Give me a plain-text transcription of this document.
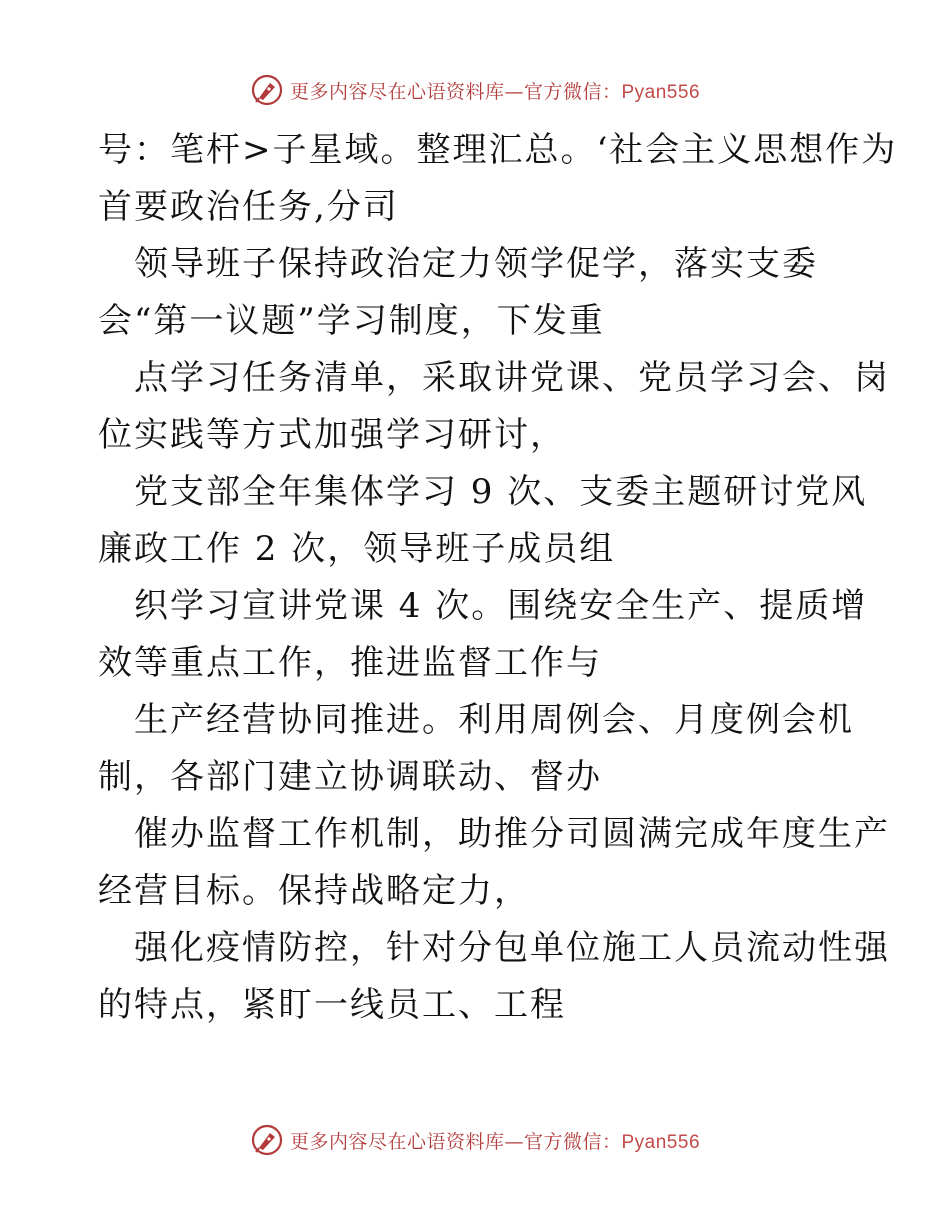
更多内容尽在心语资料库—官方微信：Pyan556
号：笔杆>子星域。整理汇总。‘社会主义思想作为
首要政治任务,分司
领导班子保持政治定力领学促学，落实支委
会“第一议题”学习制度，下发重
点学习任务清单，采取讲党课、党员学习会、岗
位实践等方式加强学习研讨，
党支部全年集体学习 9 次、支委主题研讨党风
廉政工作 2 次，领导班子成员组
织学习宣讲党课 4 次。围绕安全生产、提质增
效等重点工作，推进监督工作与
生产经营协同推进。利用周例会、月度例会机
制，各部门建立协调联动、督办
催办监督工作机制，助推分司圆满完成年度生产
经营目标。保持战略定力，
强化疫情防控，针对分包单位施工人员流动性强
的特点，紧盯一线员工、工程
更多内容尽在心语资料库—官方微信：Pyan556
